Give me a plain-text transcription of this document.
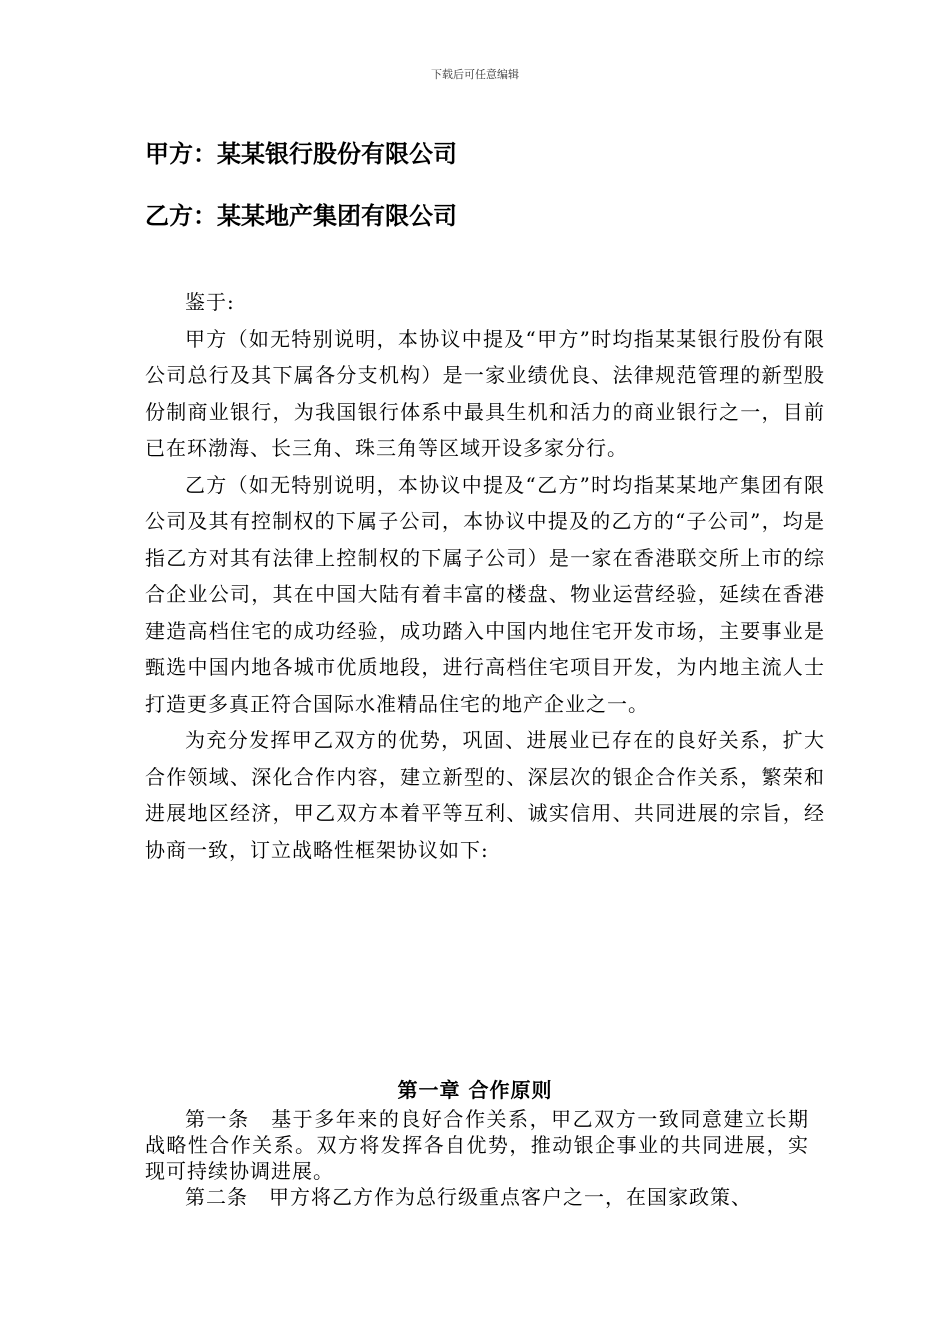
下载后可任意编辑
甲方：某某银行股份有限公司
乙方：某某地产集团有限公司

鉴于:

甲方（如无特别说明，本协议中提及“甲方”时均指某某银行股份有限公司总行及其下属各分支机构）是一家业绩优良、法律规范管理的新型股份制商业银行，为我国银行体系中最具生机和活力的商业银行之一，目前已在环渤海、长三角、珠三角等区域开设多家分行。

乙方（如无特别说明，本协议中提及“乙方”时均指某某地产集团有限公司及其有控制权的下属子公司，本协议中提及的乙方的“子公司”，均是指乙方对其有法律上控制权的下属子公司）是一家在香港联交所上市的综合企业公司，其在中国大陆有着丰富的楼盘、物业运营经验，延续在香港建造高档住宅的成功经验，成功踏入中国内地住宅开发市场，主要事业是甄选中国内地各城市优质地段，进行高档住宅项目开发，为内地主流人士打造更多真正符合国际水准精品住宅的地产企业之一。

为充分发挥甲乙双方的优势，巩固、进展业已存在的良好关系，扩大合作领域、深化合作内容，建立新型的、深层次的银企合作关系，繁荣和进展地区经济，甲乙双方本着平等互利、诚实信用、共同进展的宗旨，经协商一致，订立战略性框架协议如下:

第一章 合作原则

第一条　基于多年来的良好合作关系，甲乙双方一致同意建立长期战略性合作关系。双方将发挥各自优势，推动银企事业的共同进展，实现可持续协调进展。

第二条　甲方将乙方作为总行级重点客户之一，在国家政策、
